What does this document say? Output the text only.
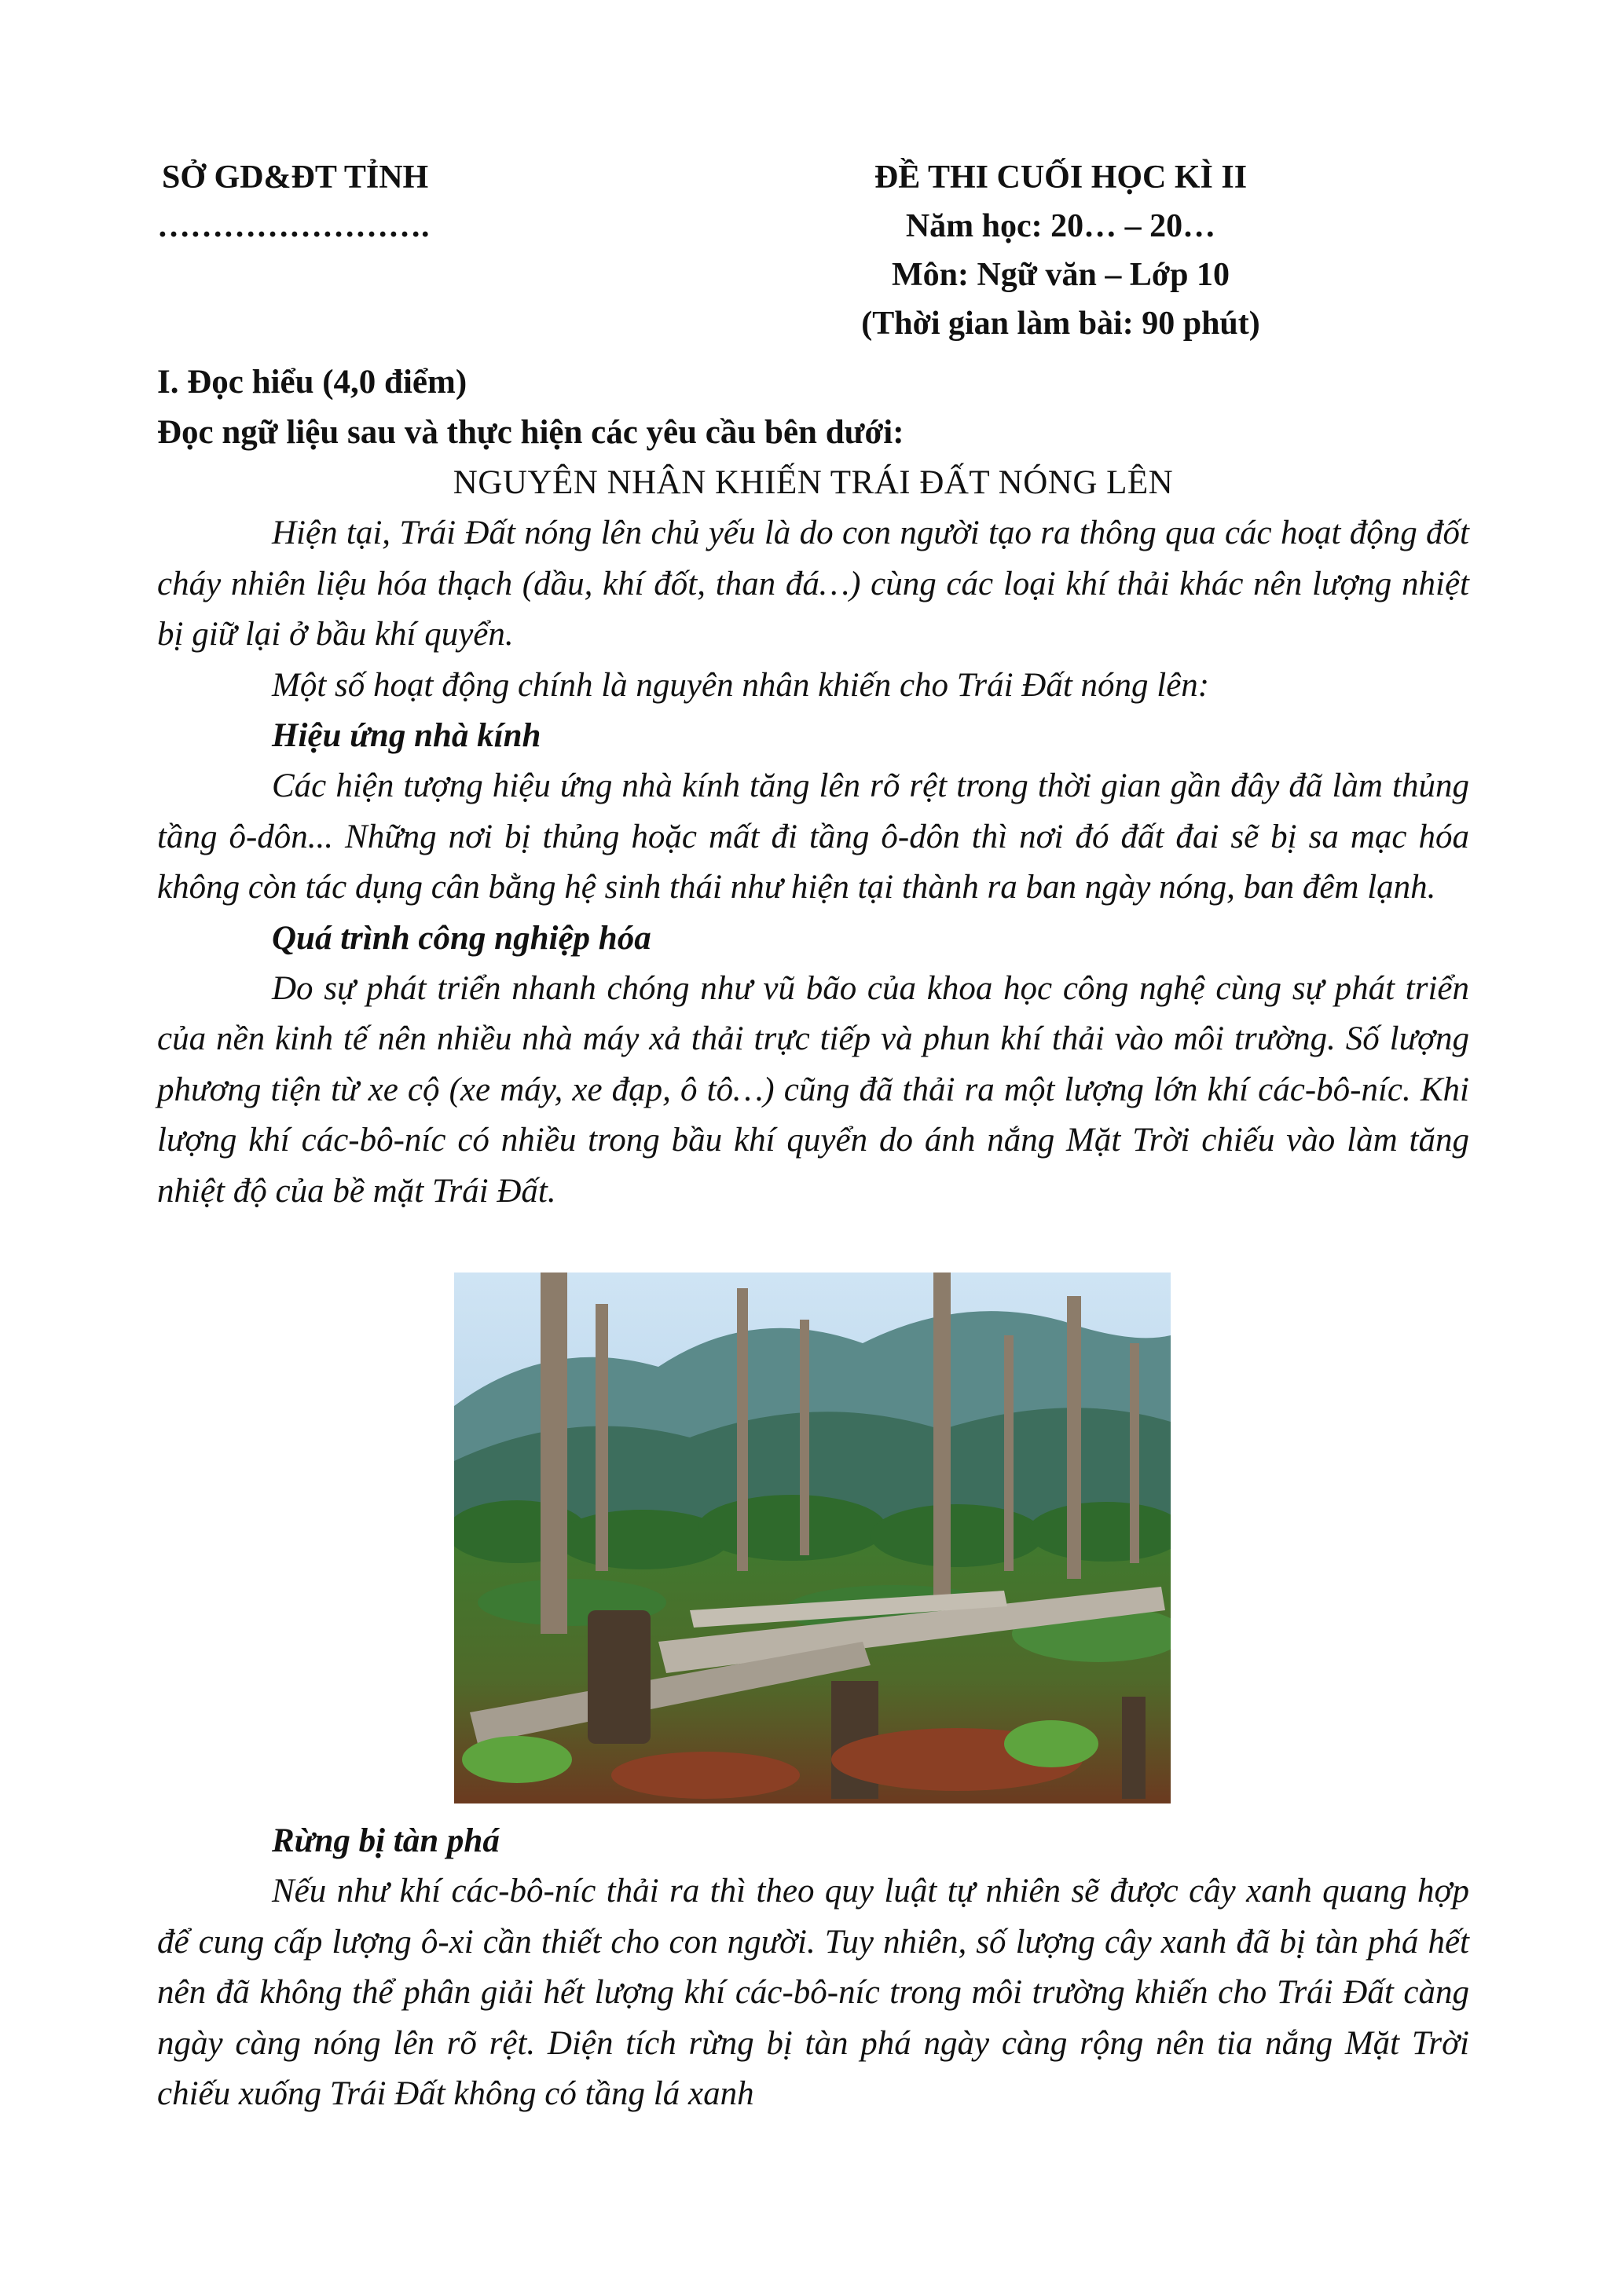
SỞ GD&ĐT TỈNH
…………………….
ĐỀ THI CUỐI HỌC KÌ II
Năm học: 20… – 20…
Môn: Ngữ văn – Lớp 10
(Thời gian làm bài: 90 phút)
I. Đọc hiểu (4,0 điểm)
Đọc ngữ liệu sau và thực hiện các yêu cầu bên dưới:
NGUYÊN NHÂN KHIẾN TRÁI ĐẤT NÓNG LÊN

Hiện tại, Trái Đất nóng lên chủ yếu là do con người tạo ra thông qua các hoạt động đốt cháy nhiên liệu hóa thạch (dầu, khí đốt, than đá…) cùng các loại khí thải khác nên lượng nhiệt bị giữ lại ở bầu khí quyển.

Một số hoạt động chính là nguyên nhân khiến cho Trái Đất nóng lên:

Hiệu ứng nhà kính

Các hiện tượng hiệu ứng nhà kính tăng lên rõ rệt trong thời gian gần đây đã làm thủng tầng ô-dôn... Những nơi bị thủng hoặc mất đi tầng ô-dôn thì nơi đó đất đai sẽ bị sa mạc hóa không còn tác dụng cân bằng hệ sinh thái như hiện tại thành ra ban ngày nóng, ban đêm lạnh.

Quá trình công nghiệp hóa

Do sự phát triển nhanh chóng như vũ bão của khoa học công nghệ cùng sự phát triển của nền kinh tế nên nhiều nhà máy xả thải trực tiếp và phun khí thải vào môi trường. Số lượng phương tiện từ xe cộ (xe máy, xe đạp, ô tô…) cũng đã thải ra một lượng lớn khí các-bô-níc. Khi lượng khí các-bô-níc có nhiều trong bầu khí quyển do ánh nắng Mặt Trời chiếu vào làm tăng nhiệt độ của bề mặt Trái Đất.

Rừng bị tàn phá

Nếu như khí các-bô-níc thải ra thì theo quy luật tự nhiên sẽ được cây xanh quang hợp để cung cấp lượng ô-xi cần thiết cho con người. Tuy nhiên, số lượng cây xanh đã bị tàn phá hết nên đã không thể phân giải hết lượng khí các-bô-níc trong môi trường khiến cho Trái Đất càng ngày càng nóng lên rõ rệt. Diện tích rừng bị tàn phá ngày càng rộng nên tia nắng Mặt Trời chiếu xuống Trái Đất không có tầng lá xanh
